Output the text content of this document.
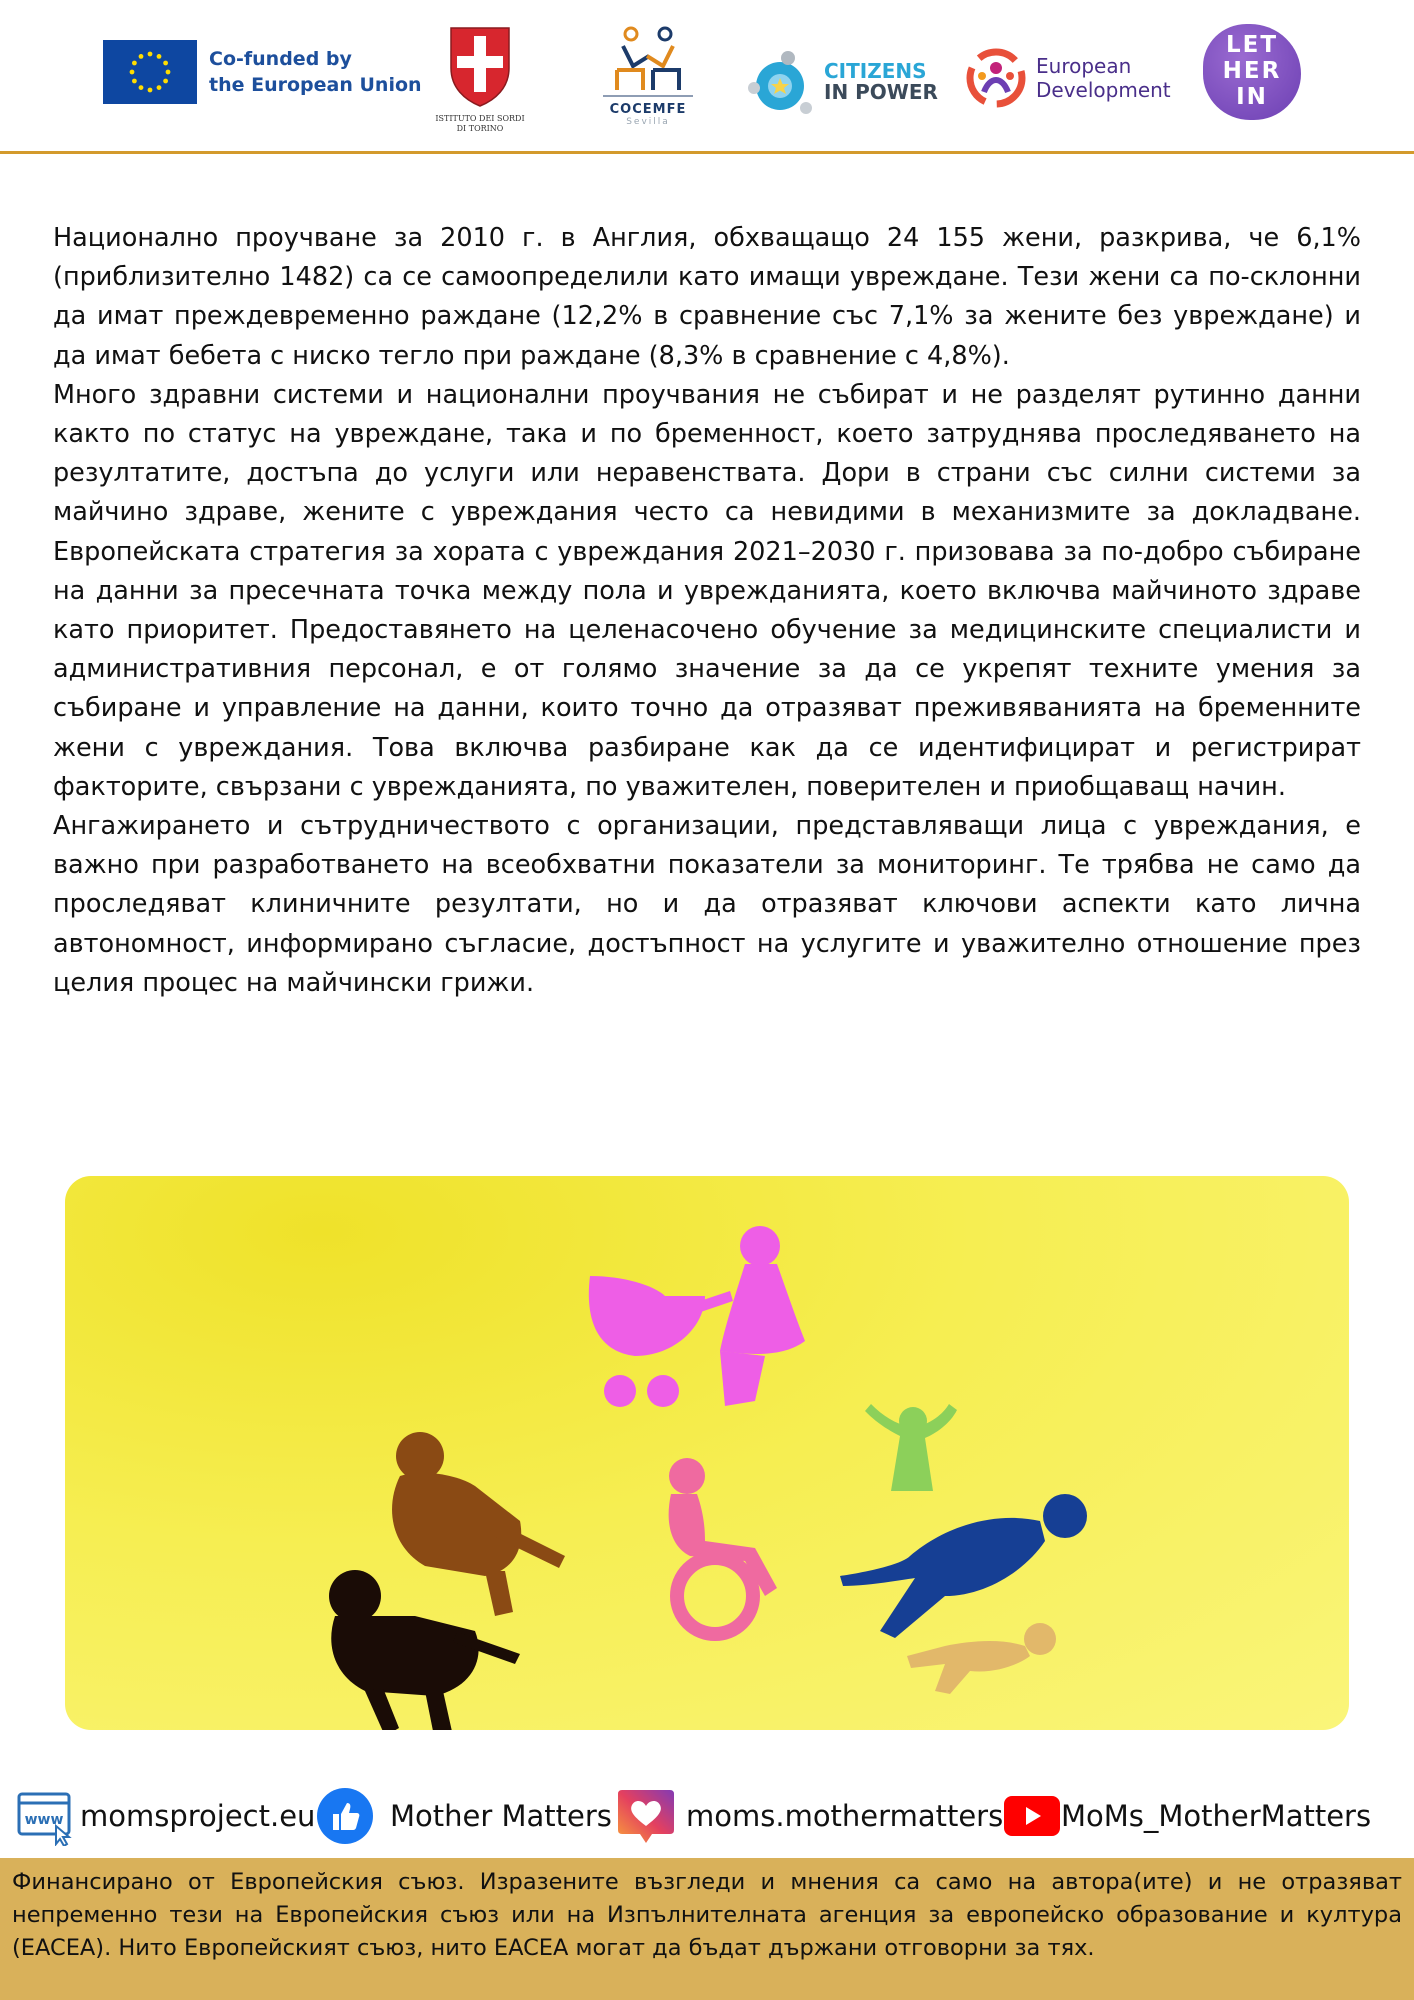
Co-funded by
the European Union
ISTITUTO DEI SORDI
DI TORINO
COCEMFE
Sevilla
CITIZENS
IN POWER
European
Development
LET
HER
IN

Национално проучване за 2010 г. в Англия, обхващащо 24 155 жени, разкрива, че 6,1% (приблизително 1482) са се самоопределили като имащи увреждане. Тези жени са по-склонни да имат преждевременно раждане (12,2% в сравнение със 7,1% за жените без увреждане) и да имат бебета с ниско тегло при раждане (8,3% в сравнение с 4,8%).

Много здравни системи и национални проучвания не събират и не разделят рутинно данни както по статус на увреждане, така и по бременност, което затруднява проследяването на резултатите, достъпа до услуги или неравенствата. Дори в страни със силни системи за майчино здраве, жените с увреждания често са невидими в механизмите за докладване. Европейската стратегия за хората с увреждания 2021–2030 г. призовава за по-добро събиране на данни за пресечната точка между пола и уврежданията, което включва майчиното здраве като приоритет. Предоставянето на целенасочено обучение за медицинските специалисти и административния персонал, е от голямо значение за да се укрепят техните умения за събиране и управление на данни, които точно да отразяват преживяванията на бременните жени с увреждания. Това включва разбиране как да се идентифицират и регистрират факторите, свързани с уврежданията, по уважителен, поверителен и приобщаващ начин.

Ангажирането и сътрудничеството с организации, представляващи лица с увреждания, е важно при разработването на всеобхватни показатели за мониторинг. Те трябва не само да проследяват клиничните резултати, но и да отразяват ключови аспекти като лична автономност, информирано съгласие, достъпност на услугите и уважително отношение през целия процес на майчински грижи.

www momsproject.eu	Mother Matters	moms.mothermatters MoMs_MotherMatters
Финансирано от Европейския съюз. Изразените възгледи и мнения са само на автора(ите) и не отразяват непременно тези на Европейския съюз или на Изпълнителната агенция за европейско образование и култура (EACEA). Нито Европейският съюз, нито EACEA могат да бъдат държани отговорни за тях.
